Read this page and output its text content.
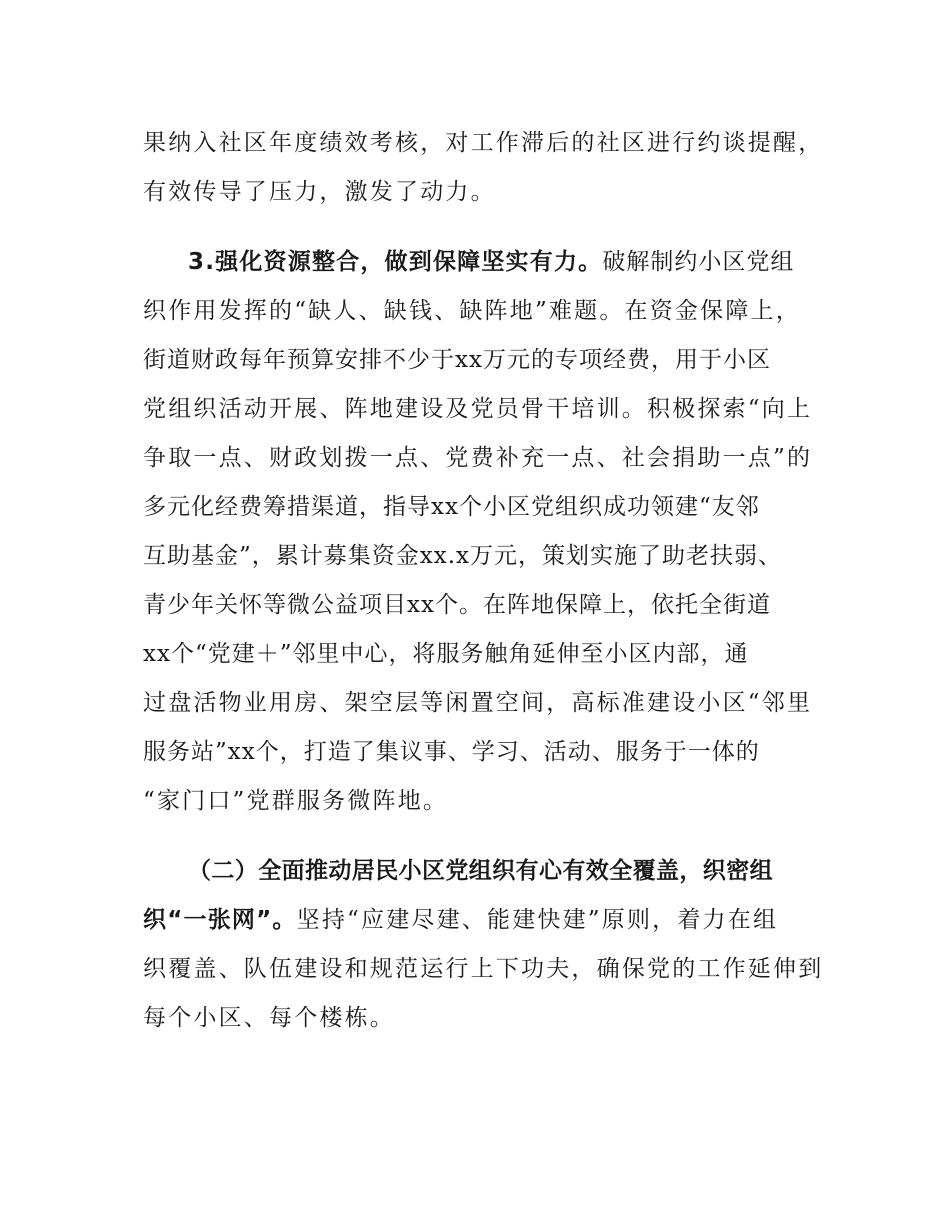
果纳入社区年度绩效考核，对工作滞后的社区进行约谈提醒，
有效传导了压力，激发了动力。
3.强化资源整合，做到保障坚实有力。破解制约小区党组
织作用发挥的“缺人、缺钱、缺阵地”难题。在资金保障上，
街道财政每年预算安排不少于xx万元的专项经费，用于小区
党组织活动开展、阵地建设及党员骨干培训。积极探索“向上
争取一点、财政划拨一点、党费补充一点、社会捐助一点”的
多元化经费筹措渠道，指导xx个小区党组织成功领建“友邻
互助基金”，累计募集资金xx.x万元，策划实施了助老扶弱、
青少年关怀等微公益项目xx个。在阵地保障上，依托全街道
xx个“党建＋”邻里中心，将服务触角延伸至小区内部，通
过盘活物业用房、架空层等闲置空间，高标准建设小区“邻里
服务站”xx个，打造了集议事、学习、活动、服务于一体的
“家门口”党群服务微阵地。
（二）全面推动居民小区党组织有心有效全覆盖，织密组
织“一张网”。坚持“应建尽建、能建快建”原则，着力在组
织覆盖、队伍建设和规范运行上下功夫，确保党的工作延伸到
每个小区、每个楼栋。
